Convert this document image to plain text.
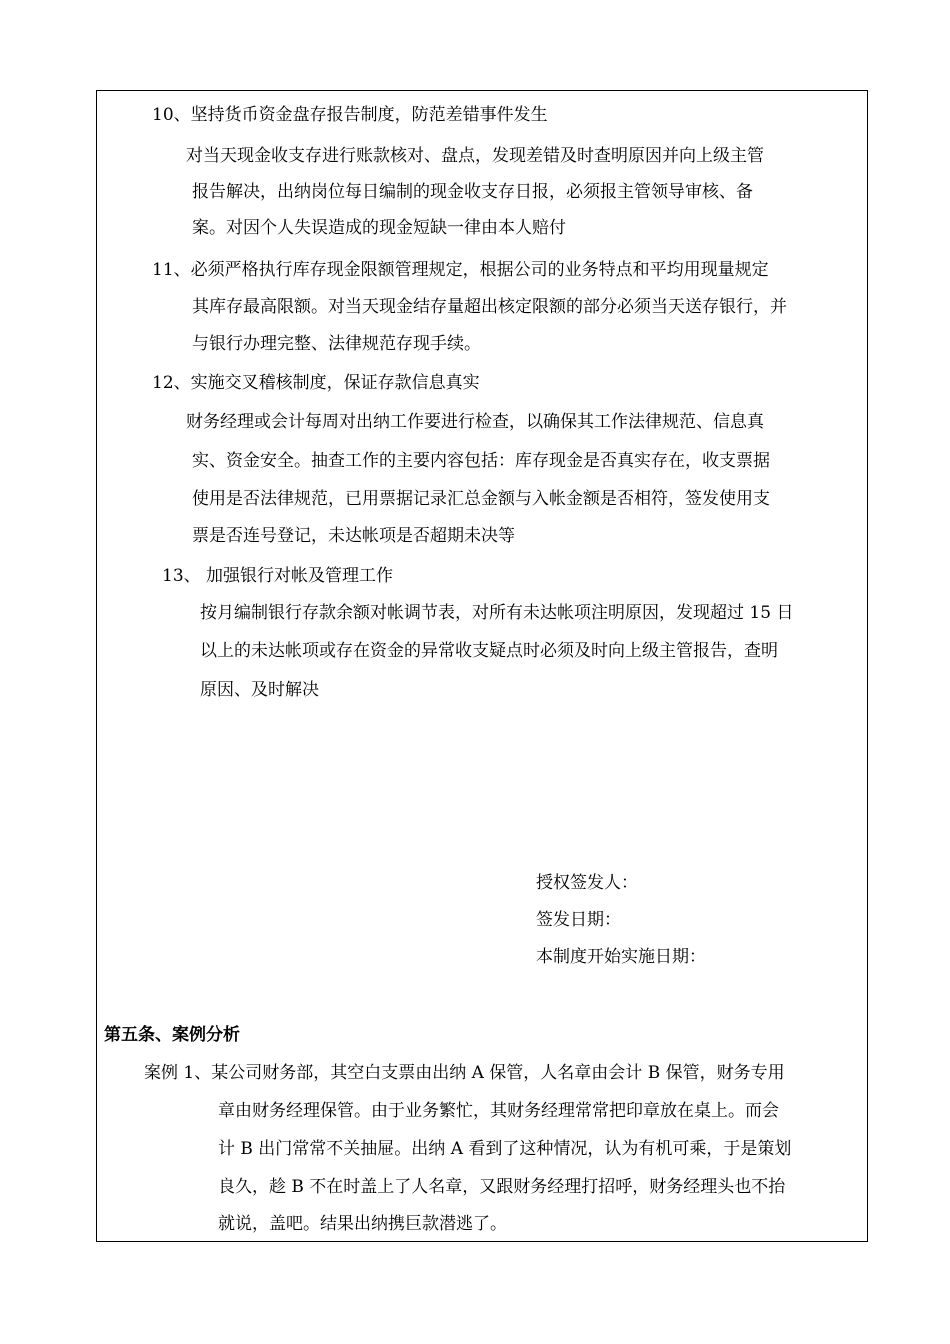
10、坚持货币资金盘存报告制度，防范差错事件发生
对当天现金收支存进行账款核对、盘点，发现差错及时查明原因并向上级主管
报告解决，出纳岗位每日编制的现金收支存日报，必须报主管领导审核、备
案。对因个人失误造成的现金短缺一律由本人赔付
11、必须严格执行库存现金限额管理规定，根据公司的业务特点和平均用现量规定
其库存最高限额。对当天现金结存量超出核定限额的部分必须当天送存银行，并
与银行办理完整、法律规范存现手续。
12、实施交叉稽核制度，保证存款信息真实
财务经理或会计每周对出纳工作要进行检查，以确保其工作法律规范、信息真
实、资金安全。抽查工作的主要内容包括：库存现金是否真实存在，收支票据
使用是否法律规范，已用票据记录汇总金额与入帐金额是否相符，签发使用支
票是否连号登记，未达帐项是否超期未决等
13、 加强银行对帐及管理工作
按月编制银行存款余额对帐调节表，对所有未达帐项注明原因，发现超过 15 日
以上的未达帐项或存在资金的异常收支疑点时必须及时向上级主管报告，查明
原因、及时解决
授权签发人：
签发日期：
本制度开始实施日期：
第五条、案例分析
案例 1、某公司财务部，其空白支票由出纳 A 保管，人名章由会计 B 保管，财务专用
章由财务经理保管。由于业务繁忙，其财务经理常常把印章放在桌上。而会
计 B 出门常常不关抽屉。出纳 A 看到了这种情况，认为有机可乘，于是策划
良久，趁 B 不在时盖上了人名章，又跟财务经理打招呼，财务经理头也不抬
就说，盖吧。结果出纳携巨款潜逃了。
